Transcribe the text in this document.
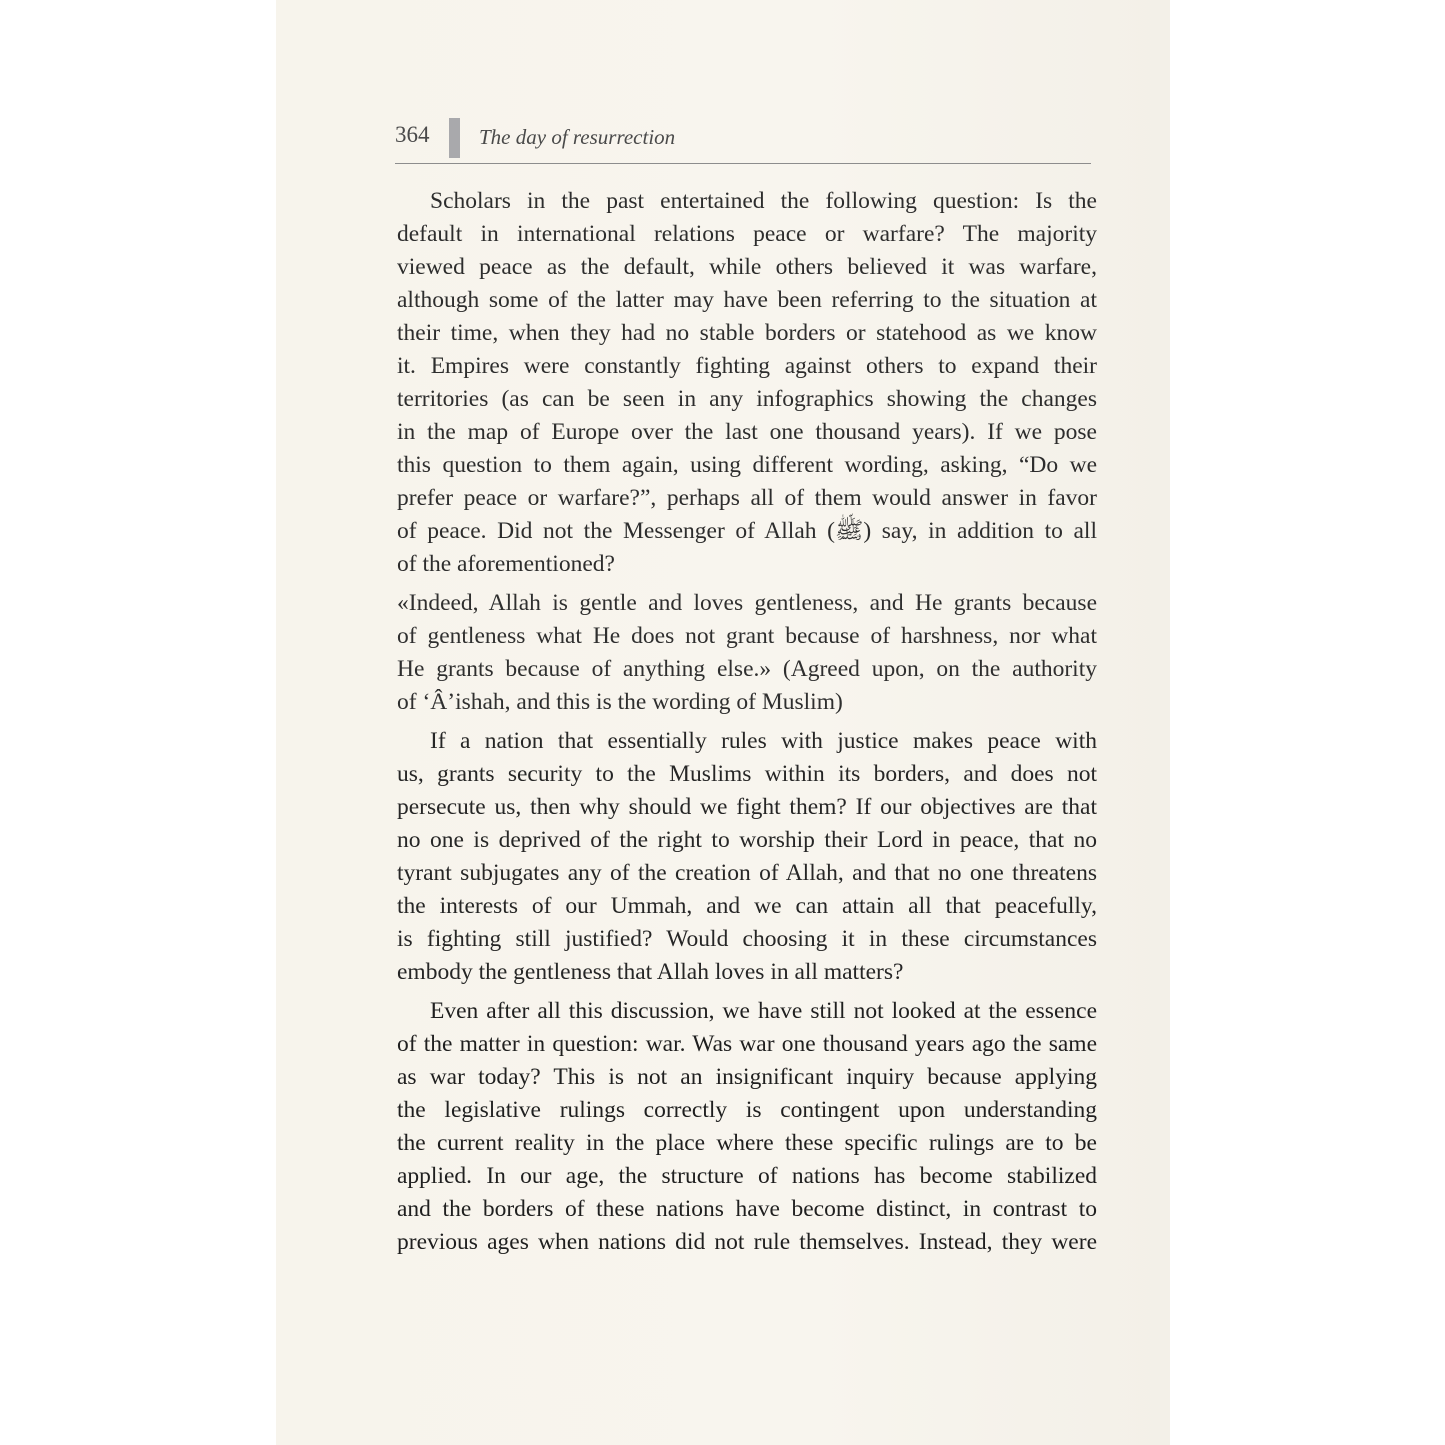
364 The day of resurrection
Scholars in the past entertained the following question: Is the
default in international relations peace or warfare? The majority
viewed peace as the default, while others believed it was warfare,
although some of the latter may have been referring to the situation at
their time, when they had no stable borders or statehood as we know
it. Empires were constantly fighting against others to expand their
territories (as can be seen in any infographics showing the changes
in the map of Europe over the last one thousand years). If we pose
this question to them again, using different wording, asking, “Do we
prefer peace or warfare?”, perhaps all of them would answer in favor
of peace. Did not the Messenger of Allah (ﷺ) say, in addition to all
of the aforementioned?
«Indeed, Allah is gentle and loves gentleness, and He grants because
of gentleness what He does not grant because of harshness, nor what
He grants because of anything else.» (Agreed upon, on the authority
of ‘Â’ishah, and this is the wording of Muslim)
If a nation that essentially rules with justice makes peace with
us, grants security to the Muslims within its borders, and does not
persecute us, then why should we fight them? If our objectives are that
no one is deprived of the right to worship their Lord in peace, that no
tyrant subjugates any of the creation of Allah, and that no one threatens
the interests of our Ummah, and we can attain all that peacefully,
is fighting still justified? Would choosing it in these circumstances
embody the gentleness that Allah loves in all matters?
Even after all this discussion, we have still not looked at the essence
of the matter in question: war. Was war one thousand years ago the same
as war today? This is not an insignificant inquiry because applying
the legislative rulings correctly is contingent upon understanding
the current reality in the place where these specific rulings are to be
applied. In our age, the structure of nations has become stabilized
and the borders of these nations have become distinct, in contrast to
previous ages when nations did not rule themselves. Instead, they were
